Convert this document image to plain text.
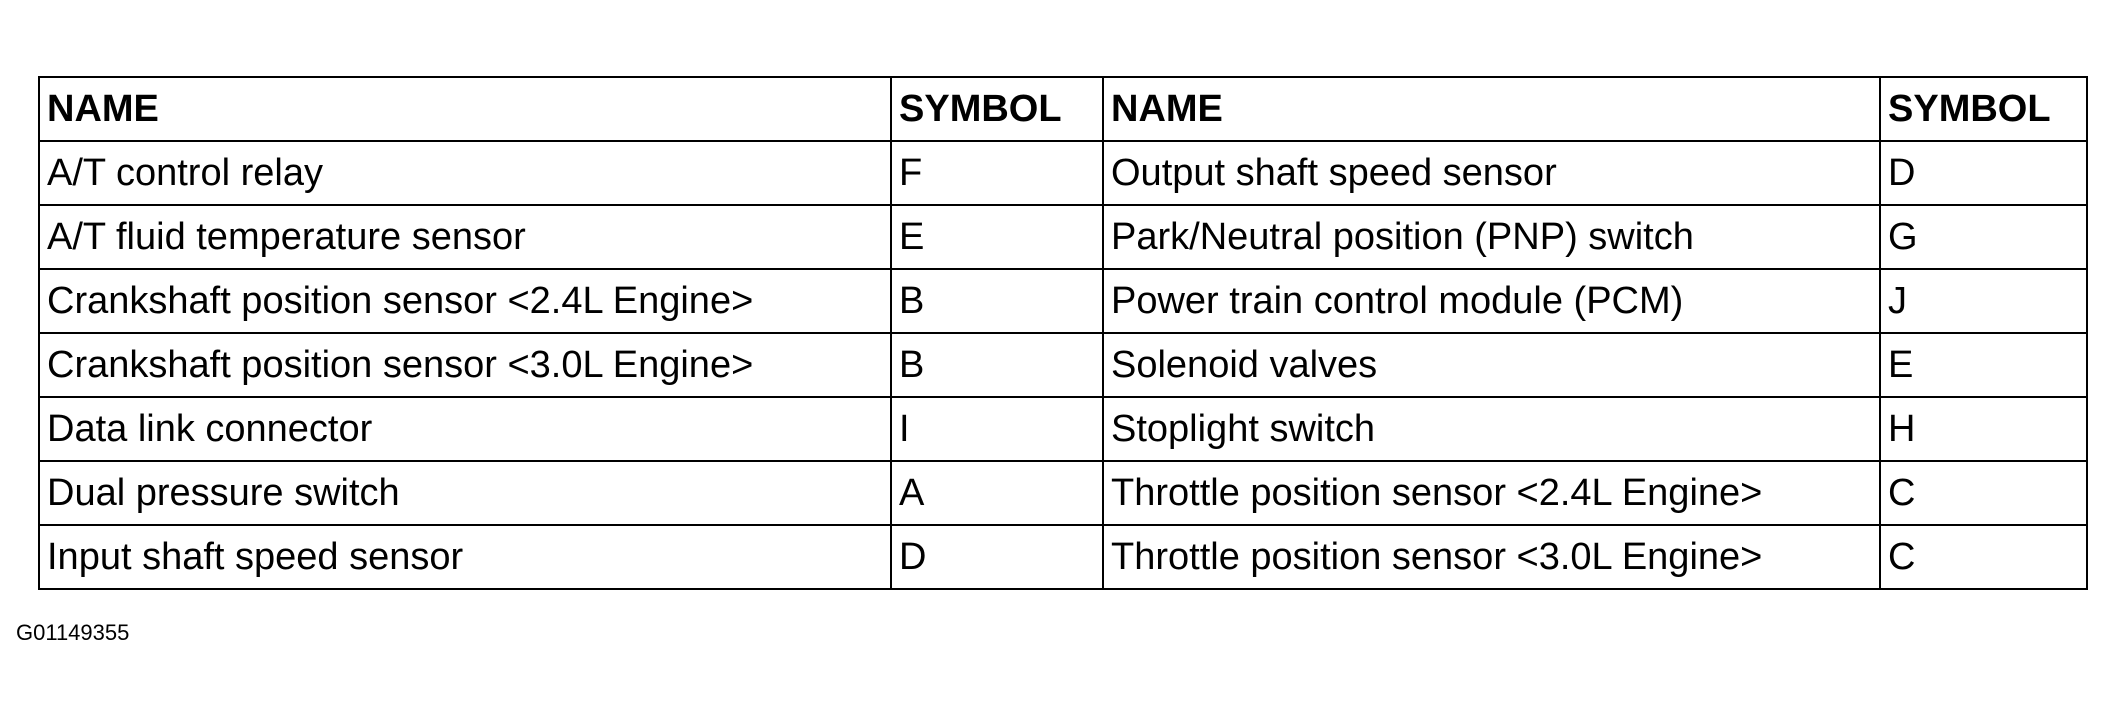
NAME	SYMBOL	NAME	SYMBOL
A/T control relay	F	Output shaft speed sensor	D
A/T fluid temperature sensor	E	Park/Neutral position (PNP) switch	G
Crankshaft position sensor <2.4L Engine>	B	Power train control module (PCM)	J
Crankshaft position sensor <3.0L Engine>	B	Solenoid valves	E
Data link connector	I	Stoplight switch	H
Dual pressure switch	A	Throttle position sensor <2.4L Engine>	C
Input shaft speed sensor	D	Throttle position sensor <3.0L Engine>	C
G01149355
